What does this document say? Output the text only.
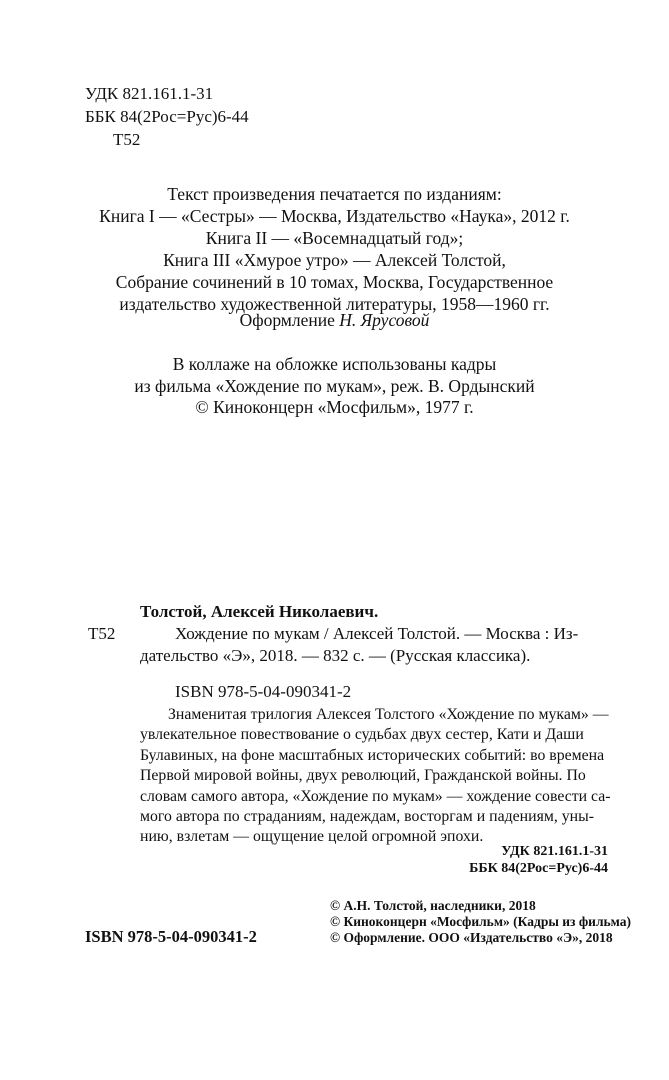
УДК 821.161.1-31
ББК 84(2Рос=Рус)6-44
Т52
Текст произведения печатается по изданиям:
Книга I — «Сестры» — Москва, Издательство «Наука», 2012 г.
Книга II — «Восемнадцатый год»;
Книга III «Хмурое утро» — Алексей Толстой,
Собрание сочинений в 10 томах, Москва, Государственное
издательство художественной литературы, 1958—1960 гг.
Оформление Н. Ярусовой
В коллаже на обложке использованы кадры
из фильма «Хождение по мукам», реж. В. Ордынский
© Киноконцерн «Мосфильм», 1977 г.
Толстой, Алексей Николаевич.
Т52	Хождение по мукам / Алексей Толстой. — Москва : Из-
дательство «Э», 2018. — 832 с. — (Русская классика).
ISBN 978-5-04-090341-2
Знаменитая трилогия Алексея Толстого «Хождение по мукам» —
увлекательное повествование о судьбах двух сестер, Кати и Даши
Булавиных, на фоне масштабных исторических событий: во времена
Первой мировой войны, двух революций, Гражданской войны. По
словам самого автора, «Хождение по мукам» — хождение совести са-
мого автора по страданиям, надеждам, восторгам и падениям, уны-
нию, взлетам — ощущение целой огромной эпохи.
УДК 821.161.1-31
ББК 84(2Рос=Рус)6-44
© А.Н. Толстой, наследники, 2018
© Киноконцерн «Мосфильм» (Кадры из фильма)
© Оформление. ООО «Издательство «Э», 2018
ISBN 978-5-04-090341-2
